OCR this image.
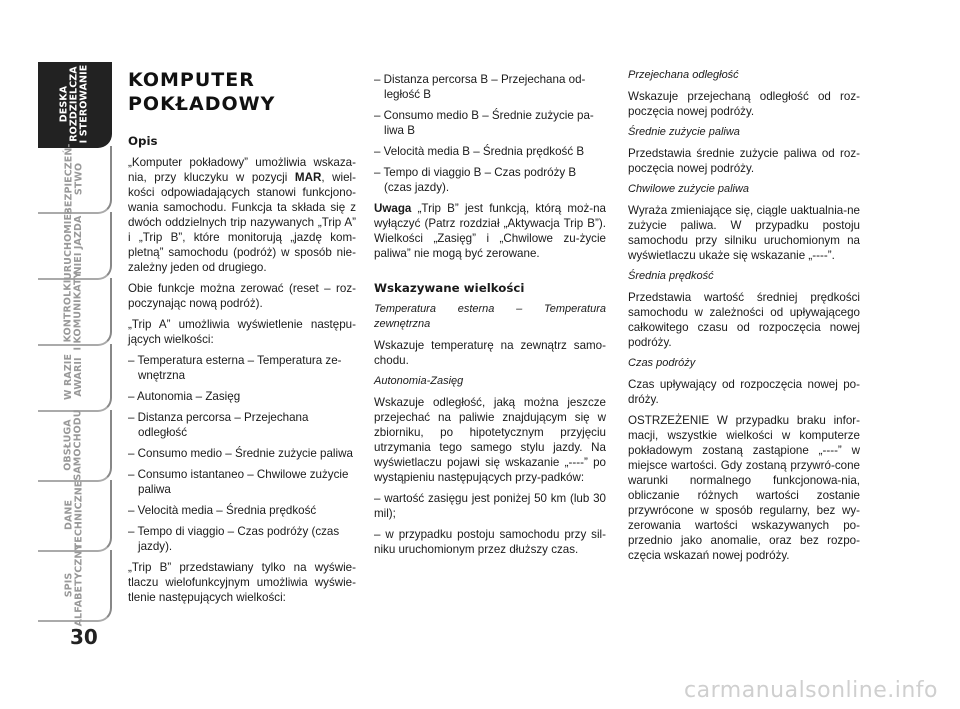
DESKA
ROZDZIELCZA
I STEROWANIE
BEZPIECZEŃ-
STWO
URUCHOMIE-
NIEI JAZDA
KONTROLKI
I KOMUNIKATY
W RAZIE
AWARII
OBSŁUGA
SAMOCHODU
DANE
TECHNICZNE
SPIS
ALFABETYCZNY
30
KOMPUTER
POKŁADOWY

Opis

„Komputer pokładowy” umożliwia wskaza-nia, przy kluczyku w pozycji MAR, wiel-kości odpowiadających stanowi funkcjono-wania samochodu. Funkcja ta składa się z dwóch oddzielnych trip nazywanych „Trip A” i „Trip B”, które monitorują „jazdę kom-pletną” samochodu (podróż) w sposób nie-zależny jeden od drugiego.

Obie funkcje można zerować (reset – roz-poczynając nową podróż).

„Trip A” umożliwia wyświetlenie następu-jących wielkości:

– Temperatura esterna – Temperatura ze-wnętrzna

– Autonomia – Zasięg

– Distanza percorsa – Przejechana odległość

– Consumo medio – Średnie zużycie paliwa

– Consumo istantaneo – Chwilowe zużycie paliwa

– Velocità media – Średnia prędkość

– Tempo di viaggio – Czas podróży (czas jazdy).

„Trip B” przedstawiany tylko na wyświe-tlaczu wielofunkcyjnym umożliwia wyświe-tlenie następujących wielkości:

– Distanza percorsa B – Przejechana od-ległość B

– Consumo medio B – Średnie zużycie pa-liwa B

– Velocità media B – Średnia prędkość B

– Tempo di viaggio B – Czas podróży B (czas jazdy).

Uwaga „Trip B” jest funkcją, którą moż-na wyłączyć (Patrz rozdział „Aktywacja Trip B”). Wielkości „Zasięg” i „Chwilowe zu-życie paliwa” nie mogą być zerowane.

Wskazywane wielkości

Temperatura esterna – Temperatura zewnętrzna

Wskazuje temperaturę na zewnątrz samo-chodu.

Autonomia-Zasięg

Wskazuje odległość, jaką można jeszcze przejechać na paliwie znajdującym się w zbiorniku, po hipotetycznym przyjęciu utrzymania tego samego stylu jazdy. Na wyświetlaczu pojawi się wskazanie „----” po wystąpieniu następujących przy-padków:

– wartość zasięgu jest poniżej 50 km (lub 30 mil);

– w przypadku postoju samochodu przy sil-niku uruchomionym przez dłuższy czas.

Przejechana odległość

Wskazuje przejechaną odległość od roz-poczęcia nowej podróży.

Średnie zużycie paliwa

Przedstawia średnie zużycie paliwa od roz-poczęcia nowej podróży.

Chwilowe zużycie paliwa

Wyraża zmieniające się, ciągle uaktualnia-ne zużycie paliwa. W przypadku postoju samochodu przy silniku uruchomionym na wyświetlaczu ukaże się wskazanie „----”.

Średnia prędkość

Przedstawia wartość średniej prędkości samochodu w zależności od upływającego całkowitego czasu od rozpoczęcia nowej podróży.

Czas podróży

Czas upływający od rozpoczęcia nowej po-dróży.

OSTRZEŻENIE W przypadku braku infor-macji, wszystkie wielkości w komputerze pokładowym zostaną zastąpione „----” w miejsce wartości. Gdy zostaną przywró-cone warunki normalnego funkcjonowa-nia, obliczanie różnych wartości zostanie przywrócone w sposób regularny, bez wy-zerowania wartości wskazywanych po-przednio jako anomalie, oraz bez rozpo-częcia wskazań nowej podróży.

carmanualsonline.info
